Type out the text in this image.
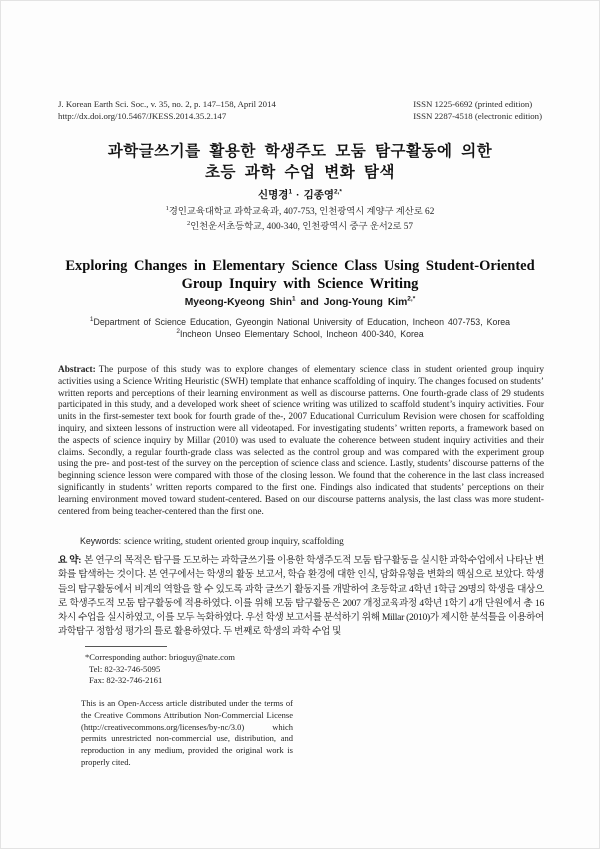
J. Korean Earth Sci. Soc., v. 35, no. 2, p. 147–158, April 2014
http://dx.doi.org/10.5467/JKESS.2014.35.2.147
ISSN 1225-6692 (printed edition)
ISSN 2287-4518 (electronic edition)
과학글쓰기를 활용한 학생주도 모둠 탐구활동에 의한
초등 과학 수업 변화 탐색
신명경$^1$ · 김종영$^{2,*}$
$^1$경인교육대학교 과학교육과, 407-753, 인천광역시 계양구 계산로 62
$^2$인천운서초등학교, 400-340, 인천광역시 중구 운서2로 57
Exploring Changes in Elementary Science Class Using Student-Oriented
Group Inquiry with Science Writing
Myeong-Kyeong Shin$^1$ and Jong-Young Kim$^{2,*}$
$^1$Department of Science Education, Gyeongin National University of Education, Incheon 407-753, Korea
$^2$Incheon Unseo Elementary School, Incheon 400-340, Korea

Abstract: The purpose of this study was to explore changes of elementary science class in student oriented group inquiry activities using a Science Writing Heuristic (SWH) template that enhance scaffolding of inquiry. The changes focused on students’ written reports and perceptions of their learning environment as well as discourse patterns. One fourth-grade class of 29 students participated in this study, and a developed work sheet of science writing was utilized to scaffold student’s inquiry activities. Four units in the first-semester text book for fourth grade of the-, 2007 Educational Curriculum Revision were chosen for scaffolding inquiry, and sixteen lessons of instruction were all videotaped. For investigating students’ written reports, a framework based on the aspects of science inquiry by Millar (2010) was used to evaluate the coherence between student inquiry activities and their claims. Secondly, a regular fourth-grade class was selected as the control group and was compared with the experiment group using the pre- and post-test of the survey on the perception of science class and science. Lastly, students’ discourse patterns of the beginning science lesson were compared with those of the closing lesson. We found that the coherence in the last class increased significantly in students’ written reports compared to the first one. Findings also indicated that students’ perceptions on their learning environment moved toward student-centered. Based on our discourse patterns analysis, the last class was more student-centered from being teacher-centered than the first one.

Keywords: science writing, student oriented group inquiry, scaffolding

요 약: 본 연구의 목적은 탐구를 도모하는 과학글쓰기를 이용한 학생주도적 모둠 탐구활동을 실시한 과학수업에서 나타난 변화를 탐색하는 것이다. 본 연구에서는 학생의 활동 보고서, 학습 환경에 대한 인식, 담화유형을 변화의 핵심으로 보았다. 학생들의 탐구활동에서 비계의 역할을 할 수 있도록 과학 글쓰기 활동지를 개발하여 초등학교 4학년 1학급 29명의 학생을 대상으로 학생주도적 모둠 탐구활동에 적용하였다. 이를 위해 모둠 탐구활동은 2007 개정교육과정 4학년 1학기 4개 단원에서 총 16차시 수업을 실시하였고, 이를 모두 녹화하였다. 우선 학생 보고서를 분석하기 위해 Millar (2010)가 제시한 분석틀을 이용하여 과학탐구 정합성 평가의 틀로 활용하였다. 두 번째로 학생의 과학 수업 및

*Corresponding author: brioguy@nate.com
Tel: 82-32-746-5095
Fax: 82-32-746-2161

This is an Open-Access article distributed under the terms of the Creative Commons Attribution Non-Commercial License (http://creativecommons.org/licenses/by-nc/3.0) which permits unrestricted non-commercial use, distribution, and reproduction in any medium, provided the original work is properly cited.
